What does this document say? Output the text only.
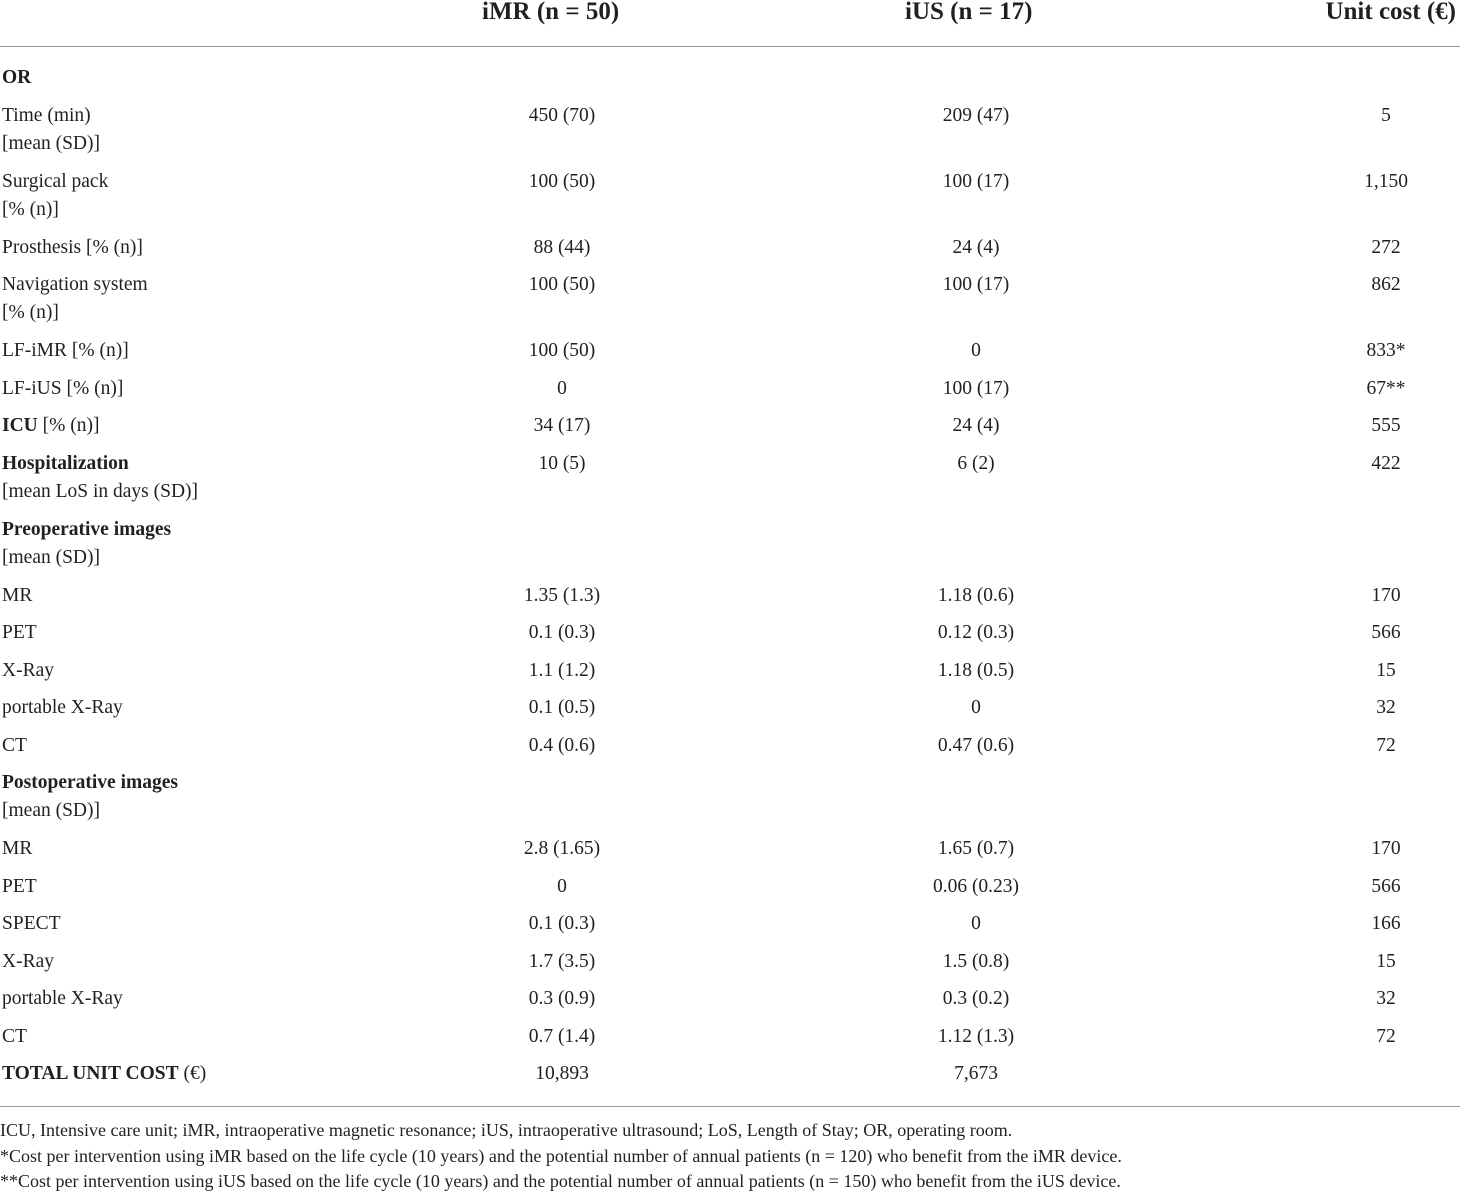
iMR (n = 50)	iUS (n = 17)	Unit cost (€)
OR
Time (min)
[mean (SD)]
450 (70)	209 (47)	5
Surgical pack
[% (n)]
100 (50)	100 (17)	1,150
Prosthesis [% (n)]	88 (44)	24 (4)	272
Navigation system
[% (n)]
100 (50)	100 (17)	862
LF-iMR [% (n)]	100 (50)	0	833*
LF-iUS [% (n)]	0	100 (17)	67**
ICU [% (n)]	34 (17)	24 (4)	555
Hospitalization
[mean LoS in days (SD)]
10 (5)	6 (2)	422
Preoperative images
[mean (SD)]
MR	1.35 (1.3)	1.18 (0.6)	170
PET	0.1 (0.3)	0.12 (0.3)	566
X-Ray	1.1 (1.2)	1.18 (0.5)	15
portable X-Ray	0.1 (0.5)	0	32
CT	0.4 (0.6)	0.47 (0.6)	72
Postoperative images
[mean (SD)]
MR	2.8 (1.65)	1.65 (0.7)	170
PET	0	0.06 (0.23)	566
SPECT	0.1 (0.3)	0	166
X-Ray	1.7 (3.5)	1.5 (0.8)	15
portable X-Ray	0.3 (0.9)	0.3 (0.2)	32
CT	0.7 (1.4)	1.12 (1.3)	72
TOTAL UNIT COST (€)	10,893	7,673
ICU, Intensive care unit; iMR, intraoperative magnetic resonance; iUS, intraoperative ultrasound; LoS, Length of Stay; OR, operating room.
*Cost per intervention using iMR based on the life cycle (10 years) and the potential number of annual patients (n = 120) who benefit from the iMR device.
**Cost per intervention using iUS based on the life cycle (10 years) and the potential number of annual patients (n = 150) who benefit from the iUS device.
